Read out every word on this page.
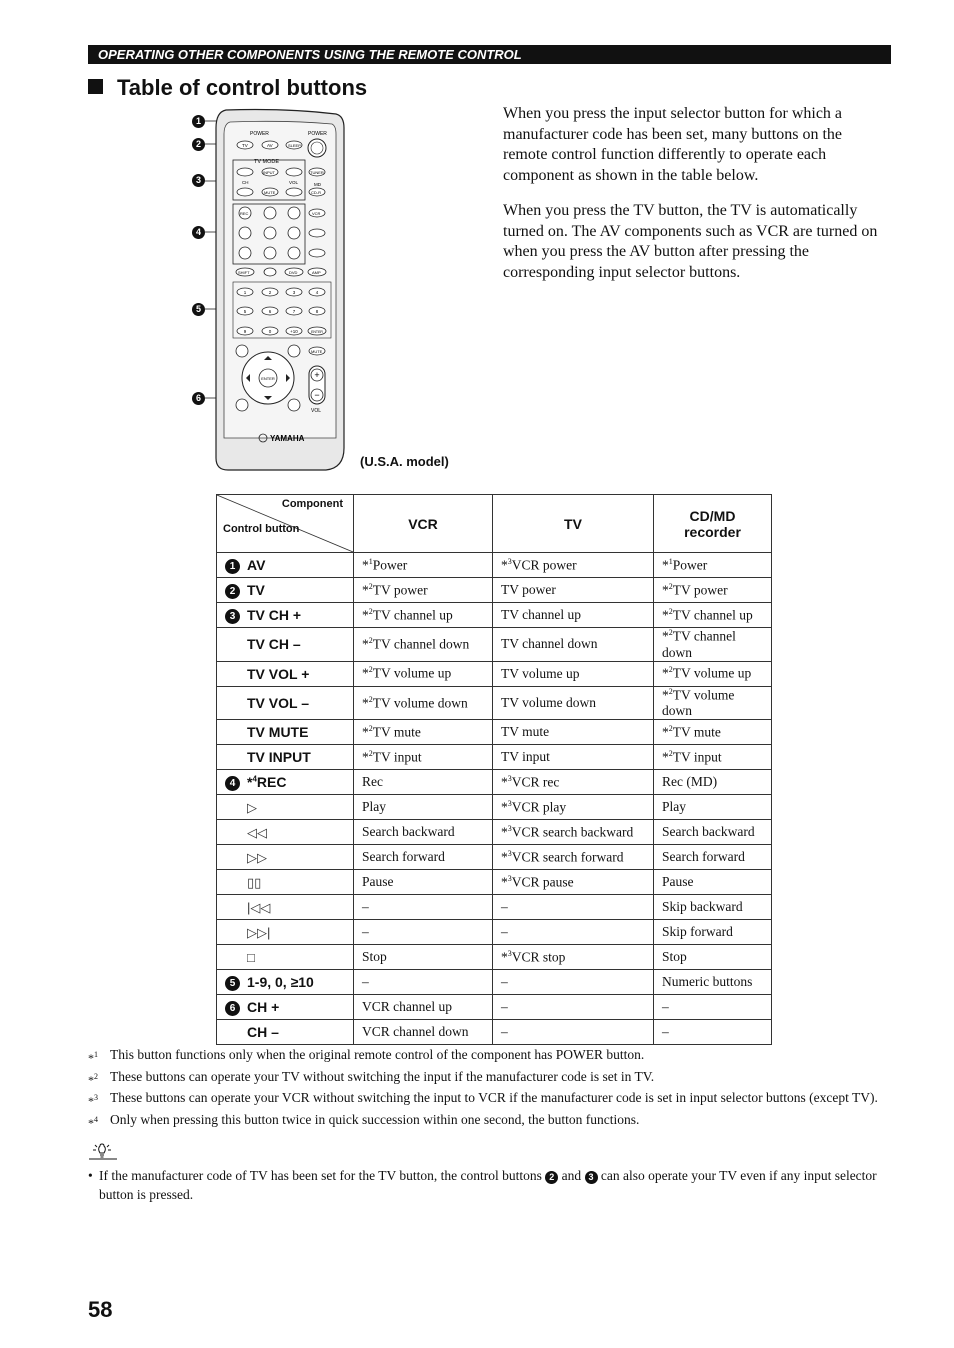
OPERATING OTHER COMPONENTS USING THE REMOTE CONTROL
Table of control buttons

When you press the input selector button for which a manufacturer code has been set, many buttons on the remote control function differently to operate each component as shown in the table below.

When you press the TV button, the TV is automatically turned on. The AV components such as VCR are turned on when you press the AV button after pressing the corresponding input selector buttons.

1
2
3
4
5
6
POWER	POWER
TV	AV	SLEEP
TV MODE
INPUT	TUNER
CH	VOL
MUTE
MD
CD-R
REC	VCR
SHIFT	DVD	AMP
1	2	3	4
5	6	7	8
9	0	+10	ENTER
MUTE
ENTER	+
−
VOL
YAMAHA
(U.S.A. model)
Component
Control button	VCR	TV	CD/MD recorder
1 AV	*$^1$Power	*$^3$VCR power	*$^1$Power
2 TV	*$^2$TV power	TV power	*$^2$TV power
3 TV CH +	*$^2$TV channel up	TV channel up	*$^2$TV channel up
TV CH –	*$^2$TV channel down	TV channel down	*$^2$TV channel down
TV VOL +	*$^2$TV volume up	TV volume up	*$^2$TV volume up
TV VOL –	*$^2$TV volume down	TV volume down	*$^2$TV volume down
TV MUTE	*$^2$TV mute	TV mute	*$^2$TV mute
TV INPUT	*$^2$TV input	TV input	*$^2$TV input
4 *$^4$REC	Rec	*$^3$VCR rec	Rec (MD)
▷	Play	*$^3$VCR play	Play
◁◁	Search backward	*$^3$VCR search backward	Search backward
▷▷	Search forward	*$^3$VCR search forward	Search forward
▯▯	Pause	*$^3$VCR pause	Pause
|◁◁	–	–	Skip backward
▷▷|	–	–	Skip forward
□	Stop	*$^3$VCR stop	Stop
5 1-9, 0, ≥10	–	–	Numeric buttons
6 CH +	VCR channel up	–	–
CH –	VCR channel down	–	–
*$^1$ This button functions only when the original remote control of the component has POWER button.
*$^2$ These buttons can operate your TV without switching the input if the manufacturer code is set in TV.
*$^3$ These buttons can operate your VCR without switching the input to VCR if the manufacturer code is set in input selector buttons (except TV).
*$^4$ Only when pressing this button twice in quick succession within one second, the button functions.
• If the manufacturer code of TV has been set for the TV button, the control buttons 2 and 3 can also operate your TV even if any input selector button is pressed.
58
